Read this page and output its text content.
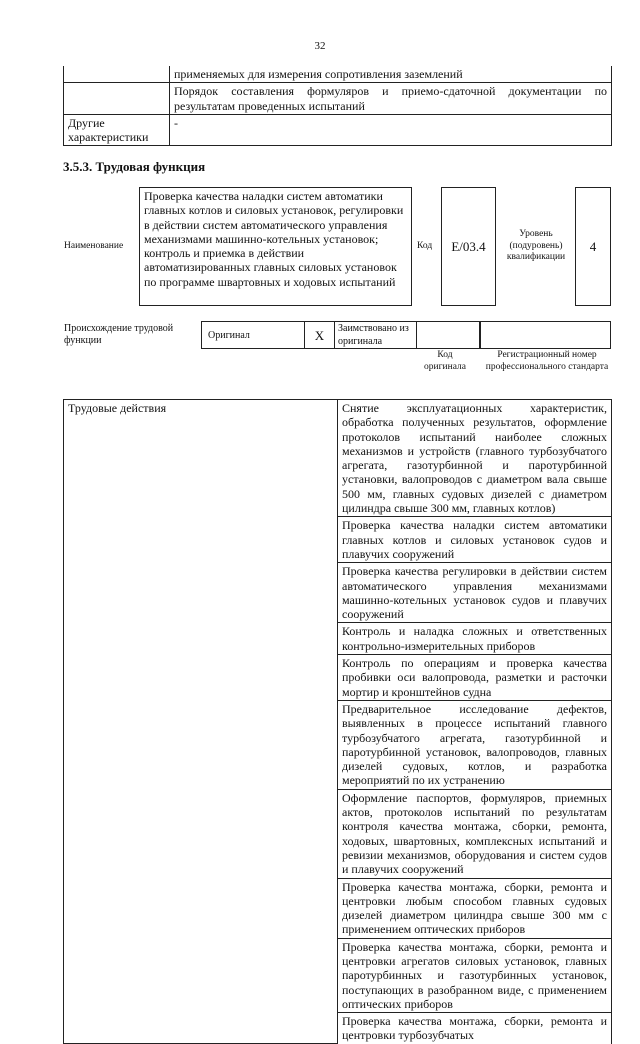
32
	применяемых для измерения сопротивления заземлений
	Порядок составления формуляров и приемо-сдаточной документации по результатам проведенных испытаний
Другие характеристики	-
3.5.3. Трудовая функция
Наименование
Проверка качества наладки систем автоматики главных котлов и силовых установок, регулировки в действии систем автоматического управления механизмами машинно-котельных установок; контроль и приемка в действии автоматизированных главных силовых установок по программе швартовных и ходовых испытаний
Код	E/03.4
Уровень (подуровень) квалификации
4
Происхождение трудовой функции	Оригинал	X	Заимствовано из оригинала
Код оригинала
Регистрационный номер профессионального стандарта
Трудовые действия	Снятие эксплуатационных характеристик, обработка полученных результатов, оформление протоколов испытаний наиболее сложных механизмов и устройств (главного турбозубчатого агрегата, газотурбинной и паротурбинной установки, валопроводов с диаметром вала свыше 500 мм, главных судовых дизелей с диаметром цилиндра свыше 300 мм, главных котлов)
Проверка качества наладки систем автоматики главных котлов и силовых установок судов и плавучих сооружений
Проверка качества регулировки в действии систем автоматического управления механизмами машинно-котельных установок судов и плавучих сооружений
Контроль и наладка сложных и ответственных контрольно-измерительных приборов
Контроль по операциям и проверка качества пробивки оси валопровода, разметки и расточки мортир и кронштейнов судна
Предварительное исследование дефектов, выявленных в процессе испытаний главного турбозубчатого агрегата, газотурбинной и паротурбинной установок, валопроводов, главных дизелей судовых, котлов, и разработка мероприятий по их устранению
Оформление паспортов, формуляров, приемных актов, протоколов испытаний по результатам контроля качества монтажа, сборки, ремонта, ходовых, швартовных, комплексных испытаний и ревизии механизмов, оборудования и систем судов и плавучих сооружений
Проверка качества монтажа, сборки, ремонта и центровки любым способом главных судовых дизелей диаметром цилиндра свыше 300 мм с применением оптических приборов
Проверка качества монтажа, сборки, ремонта и центровки агрегатов силовых установок, главных паротурбинных и газотурбинных установок, поступающих в разобранном виде, с применением оптических приборов
Проверка качества монтажа, сборки, ремонта и центровки турбозубчатых
